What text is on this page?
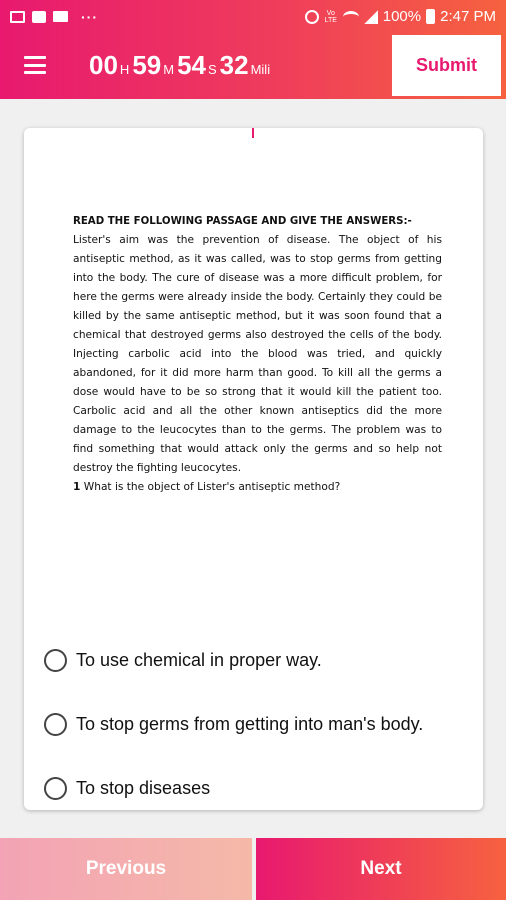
···	Vo
LTE	100% 2:47 PM
00 H 59 M 54 S 32 Mili	Submit
READ THE FOLLOWING PASSAGE AND GIVE THE ANSWERS:-
Lister's aim was the prevention of disease. The object of his antiseptic method, as it was called, was to stop germs from getting into the body. The cure of disease was a more difficult problem, for here the germs were already inside the body. Certainly they could be killed by the same antiseptic method, but it was soon found that a chemical that destroyed germs also destroyed the cells of the body. Injecting carbolic acid into the blood was tried, and quickly abandoned, for it did more harm than good. To kill all the germs a dose would have to be so strong that it would kill the patient too. Carbolic acid and all the other known antiseptics did the more damage to the leucocytes than to the germs. The problem was to find something that would attack only the germs and so help not destroy the fighting leucocytes.
1 What is the object of Lister's antiseptic method?
To use chemical in proper way.
To stop germs from getting into man's body.
To stop diseases
Previous	Next
